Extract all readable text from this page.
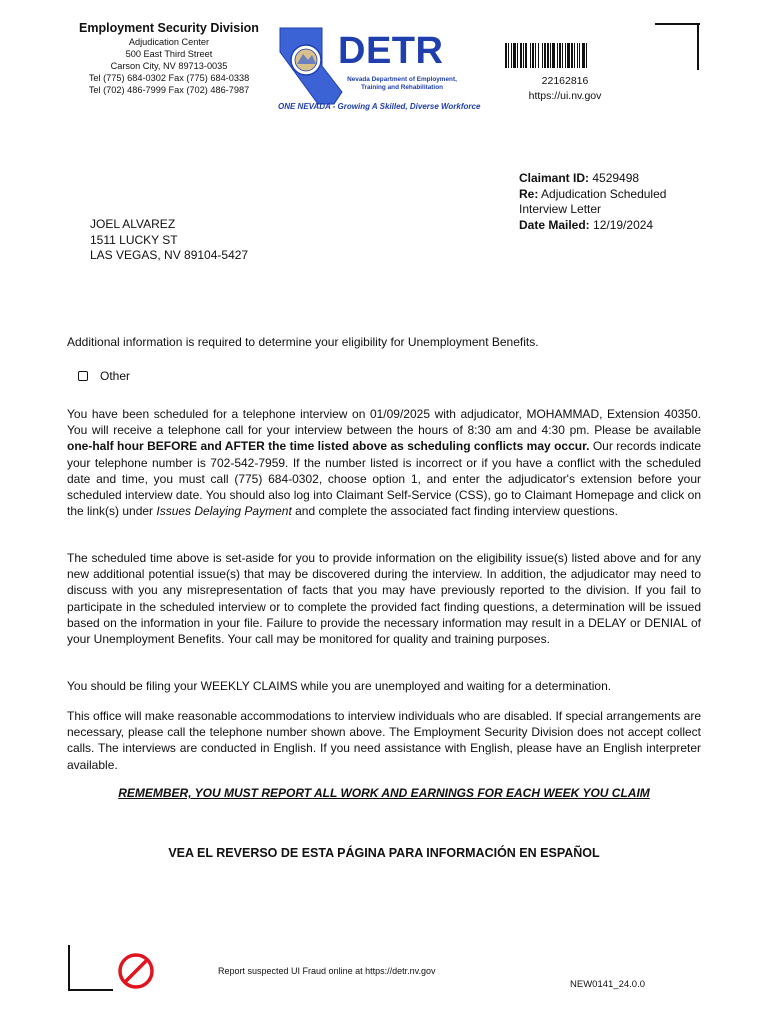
Employment Security Division
Adjudication Center
500 East Third Street
Carson City, NV 89713-0035
Tel (775) 684-0302 Fax (775) 684-0338
Tel (702) 486-7999 Fax (702) 486-7987
DETR
Nevada Department of Employment,
Training and Rehabilitation
ONE NEVADA - Growing A Skilled, Diverse Workforce
22162816
https://ui.nv.gov
Claimant ID: 4529498
Re: Adjudication Scheduled
Interview Letter
Date Mailed: 12/19/2024
JOEL ALVAREZ
1511 LUCKY ST
LAS VEGAS, NV 89104-5427
Additional information is required to determine your eligibility for Unemployment Benefits.
Other
You have been scheduled for a telephone interview on 01/09/2025 with adjudicator, MOHAMMAD, Extension 40350. You will receive a telephone call for your interview between the hours of 8:30 am and 4:30 pm. Please be available one-half hour BEFORE and AFTER the time listed above as scheduling conflicts may occur. Our records indicate your telephone number is 702-542-7959. If the number listed is incorrect or if you have a conflict with the scheduled date and time, you must call (775) 684-0302, choose option 1, and enter the adjudicator's extension before your scheduled interview date. You should also log into Claimant Self-Service (CSS), go to Claimant Homepage and click on the link(s) under Issues Delaying Payment and complete the associated fact finding interview questions.
The scheduled time above is set-aside for you to provide information on the eligibility issue(s) listed above and for any new additional potential issue(s) that may be discovered during the interview. In addition, the adjudicator may need to discuss with you any misrepresentation of facts that you may have previously reported to the division. If you fail to participate in the scheduled interview or to complete the provided fact finding questions, a determination will be issued based on the information in your file. Failure to provide the necessary information may result in a DELAY or DENIAL of your Unemployment Benefits. Your call may be monitored for quality and training purposes.
You should be filing your WEEKLY CLAIMS while you are unemployed and waiting for a determination.
This office will make reasonable accommodations to interview individuals who are disabled. If special arrangements are necessary, please call the telephone number shown above. The Employment Security Division does not accept collect calls. The interviews are conducted in English. If you need assistance with English, please have an English interpreter available.
REMEMBER, YOU MUST REPORT ALL WORK AND EARNINGS FOR EACH WEEK YOU CLAIM
VEA EL REVERSO DE ESTA PÁGINA PARA INFORMACIÓN EN ESPAÑOL
Report suspected UI Fraud online at https://detr.nv.gov
NEW0141_24.0.0
